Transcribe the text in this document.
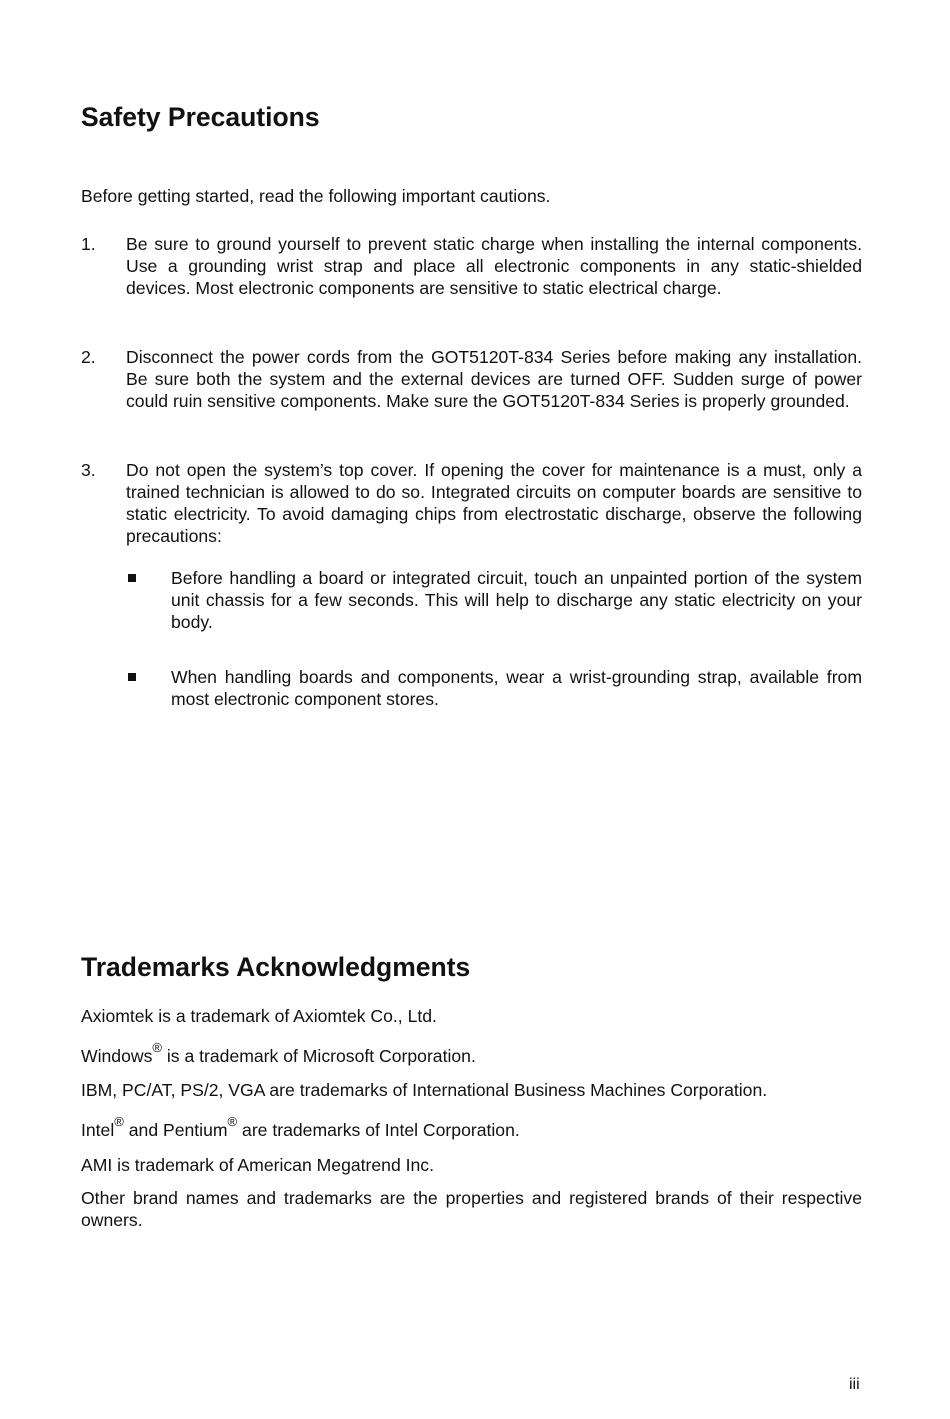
Safety Precautions

Before getting started, read the following important cautions.

1. Be sure to ground yourself to prevent static charge when installing the internal components. Use a grounding wrist strap and place all electronic components in any static-shielded devices. Most electronic components are sensitive to static electrical charge.
2. Disconnect the power cords from the GOT5120T-834 Series before making any installation. Be sure both the system and the external devices are turned OFF. Sudden surge of power could ruin sensitive components. Make sure the GOT5120T-834 Series is properly grounded.
3. Do not open the system’s top cover. If opening the cover for maintenance is a must, only a trained technician is allowed to do so. Integrated circuits on computer boards are sensitive to static electricity. To avoid damaging chips from electrostatic discharge, observe the following precautions:
Before handling a board or integrated circuit, touch an unpainted portion of the system unit chassis for a few seconds. This will help to discharge any static electricity on your body.
When handling boards and components, wear a wrist-grounding strap, available from most electronic component stores.
Trademarks Acknowledgments

Axiomtek is a trademark of Axiomtek Co., Ltd.

Windows® is a trademark of Microsoft Corporation.

IBM, PC/AT, PS/2, VGA are trademarks of International Business Machines Corporation.

Intel® and Pentium® are trademarks of Intel Corporation.

AMI is trademark of American Megatrend Inc.

Other brand names and trademarks are the properties and registered brands of their respective owners.

iii
